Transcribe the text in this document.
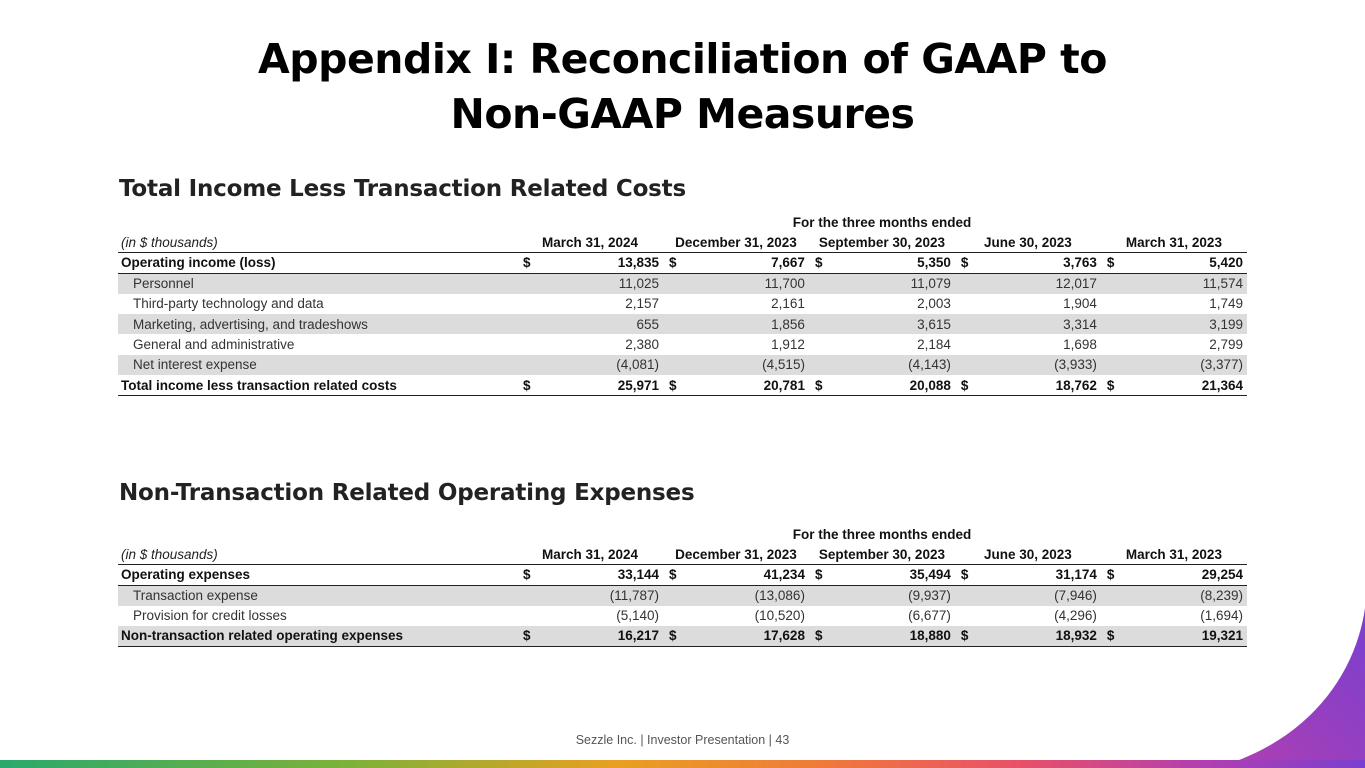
Appendix I: Reconciliation of GAAP to
Non-GAAP Measures
Total Income Less Transaction Related Costs
	For the three months ended									
(in $ thousands)	March 31, 2024		December 31, 2023		September 30, 2023		June 30, 2023		March 31, 2023	
Operating income (loss)	$	13,835	$	7,667	$	5,350	$	3,763	$	5,420
Personnel		11,025		11,700		11,079		12,017		11,574
Third-party technology and data		2,157		2,161		2,003		1,904		1,749
Marketing, advertising, and tradeshows		655		1,856		3,615		3,314		3,199
General and administrative		2,380		1,912		2,184		1,698		2,799
Net interest expense		(4,081)		(4,515)		(4,143)		(3,933)		(3,377)
Total income less transaction related costs	$	25,971	$	20,781	$	20,088	$	18,762	$	21,364
Non-Transaction Related Operating Expenses
	For the three months ended									
(in $ thousands)	March 31, 2024		December 31, 2023		September 30, 2023		June 30, 2023		March 31, 2023	
Operating expenses	$	33,144	$	41,234	$	35,494	$	31,174	$	29,254
Transaction expense		(11,787)		(13,086)		(9,937)		(7,946)		(8,239)
Provision for credit losses		(5,140)		(10,520)		(6,677)		(4,296)		(1,694)
Non-transaction related operating expenses	$	16,217	$	17,628	$	18,880	$	18,932	$	19,321
Sezzle Inc. | Investor Presentation | 43
